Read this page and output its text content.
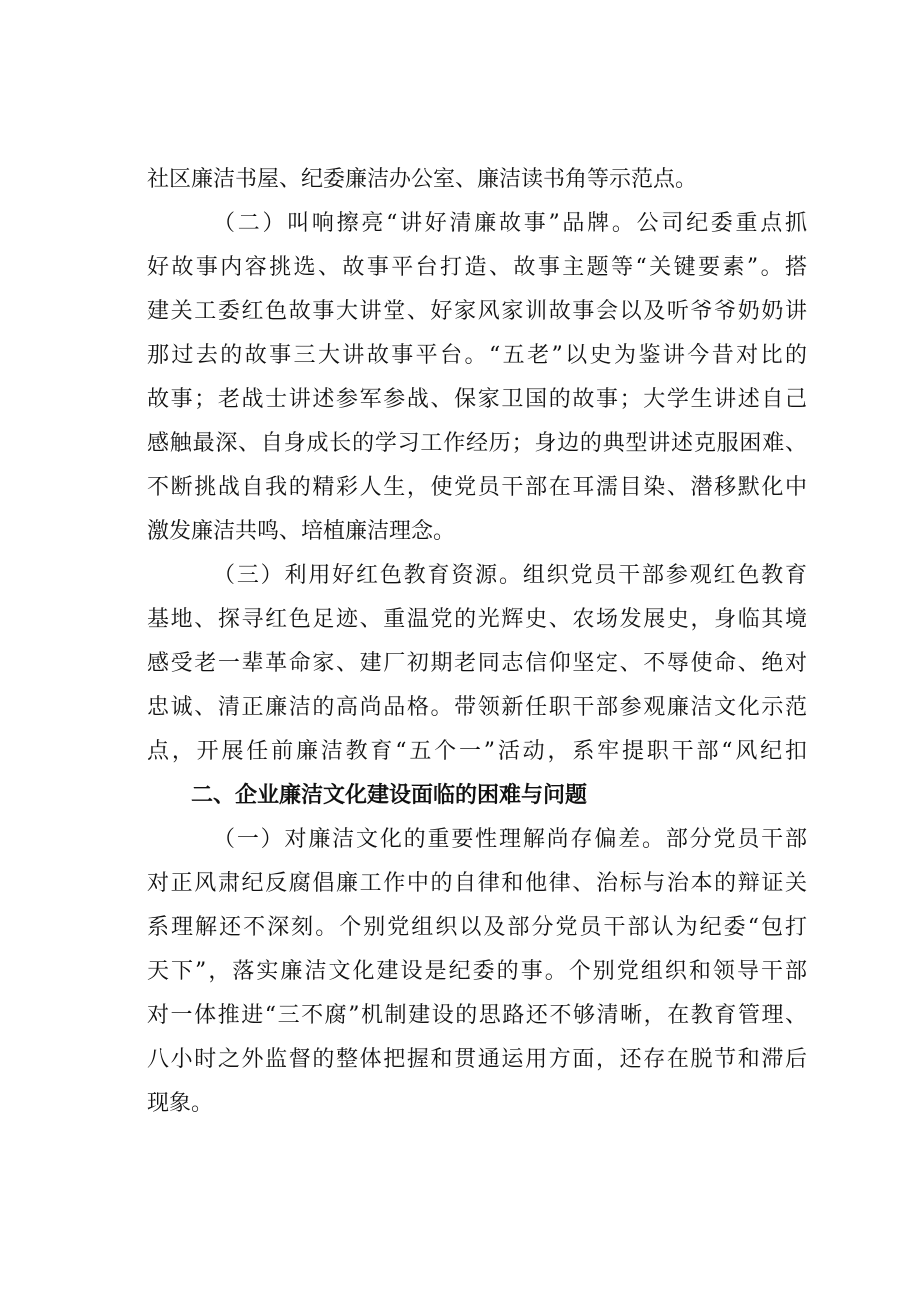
社区廉洁书屋、纪委廉洁办公室、廉洁读书角等示范点。
（二）叫响擦亮“讲好清廉故事”品牌。公司纪委重点抓
好故事内容挑选、故事平台打造、故事主题等“关键要素”。搭
建关工委红色故事大讲堂、好家风家训故事会以及听爷爷奶奶讲
那过去的故事三大讲故事平台。“五老”以史为鉴讲今昔对比的
故事；老战士讲述参军参战、保家卫国的故事；大学生讲述自己
感触最深、自身成长的学习工作经历；身边的典型讲述克服困难、
不断挑战自我的精彩人生，使党员干部在耳濡目染、潜移默化中
激发廉洁共鸣、培植廉洁理念。
（三）利用好红色教育资源。组织党员干部参观红色教育
基地、探寻红色足迹、重温党的光辉史、农场发展史，身临其境
感受老一辈革命家、建厂初期老同志信仰坚定、不辱使命、绝对
忠诚、清正廉洁的高尚品格。带领新任职干部参观廉洁文化示范
点，开展任前廉洁教育“五个一”活动，系牢提职干部“风纪扣
二、企业廉洁文化建设面临的困难与问题
（一）对廉洁文化的重要性理解尚存偏差。部分党员干部
对正风肃纪反腐倡廉工作中的自律和他律、治标与治本的辩证关
系理解还不深刻。个别党组织以及部分党员干部认为纪委“包打
天下”，落实廉洁文化建设是纪委的事。个别党组织和领导干部
对一体推进“三不腐”机制建设的思路还不够清晰，在教育管理、
八小时之外监督的整体把握和贯通运用方面，还存在脱节和滞后
现象。
